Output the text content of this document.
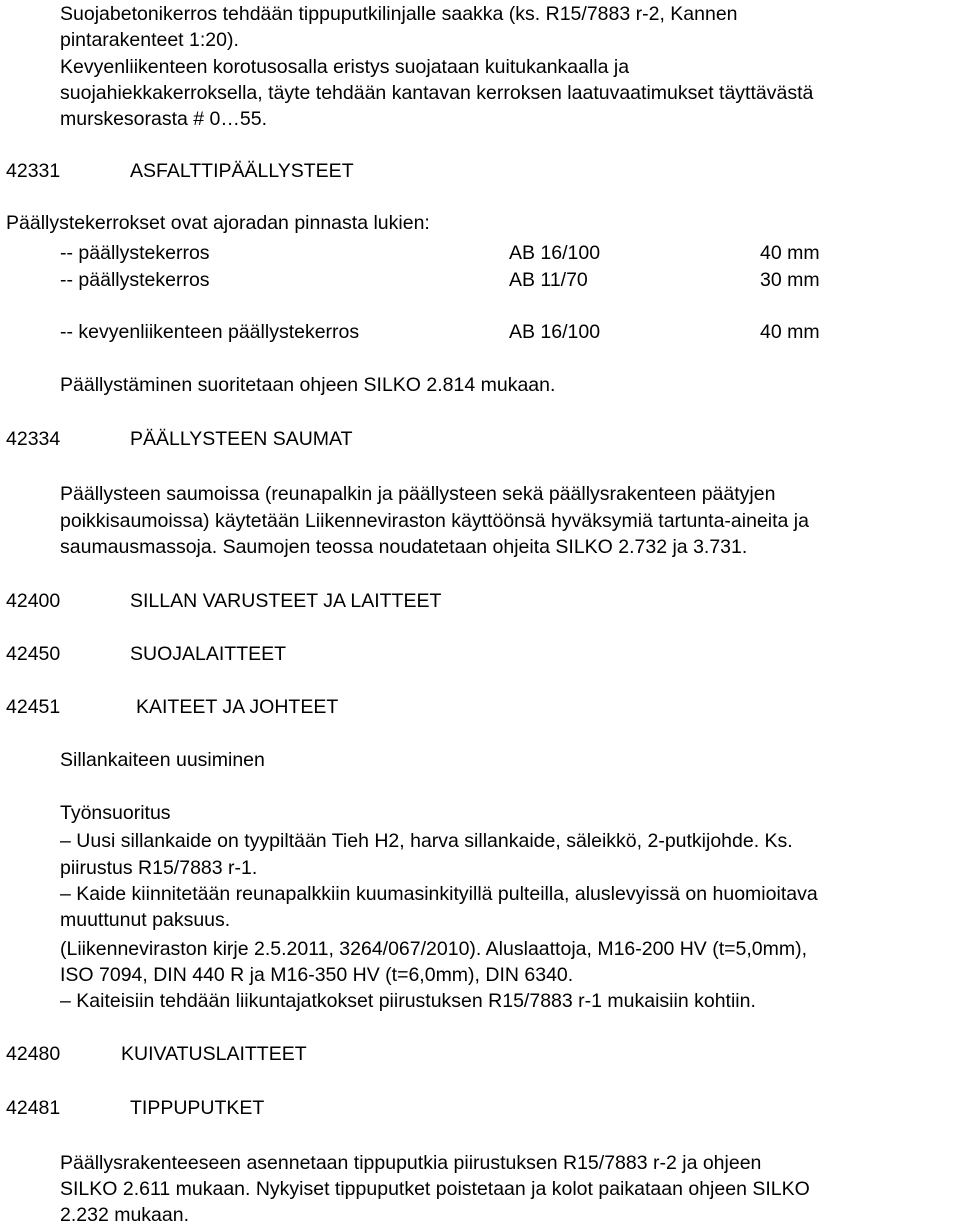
Suojabetonikerros tehdään tippuputkilinjalle saakka (ks. R15/7883 r-2, Kannen
pintarakenteet 1:20).
Kevyenliikenteen korotusosalla eristys suojataan kuitukankaalla ja
suojahiekkakerroksella, täyte tehdään kantavan kerroksen laatuvaatimukset täyttävästä
murskesorasta # 0…55.
42331	ASFALTTIPÄÄLLYSTEET
Päällystekerrokset ovat ajoradan pinnasta lukien:
-- päällystekerros	AB 16/100	40 mm
-- päällystekerros	AB 11/70	30 mm
-- kevyenliikenteen päällystekerros	AB 16/100	40 mm
Päällystäminen suoritetaan ohjeen SILKO 2.814 mukaan.
42334	PÄÄLLYSTEEN SAUMAT
Päällysteen saumoissa (reunapalkin ja päällysteen sekä päällysrakenteen päätyjen
poikkisaumoissa) käytetään Liikenneviraston käyttöönsä hyväksymiä tartunta-aineita ja
saumausmassoja. Saumojen teossa noudatetaan ohjeita SILKO 2.732 ja 3.731.
42400	SILLAN VARUSTEET JA LAITTEET
42450	SUOJALAITTEET
42451	KAITEET JA JOHTEET
Sillankaiteen uusiminen
Työnsuoritus
– Uusi sillankaide on tyypiltään Tieh H2, harva sillankaide, säleikkö, 2-putkijohde. Ks.
piirustus R15/7883 r-1.
– Kaide kiinnitetään reunapalkkiin kuumasinkityillä pulteilla, aluslevyissä on huomioitava
muuttunut paksuus.
(Liikenneviraston kirje 2.5.2011, 3264/067/2010). Aluslaattoja, M16-200 HV (t=5,0mm),
ISO 7094, DIN 440 R ja M16-350 HV (t=6,0mm), DIN 6340.
– Kaiteisiin tehdään liikuntajatkokset piirustuksen R15/7883 r-1 mukaisiin kohtiin.
42480	KUIVATUSLAITTEET
42481	TIPPUPUTKET
Päällysrakenteeseen asennetaan tippuputkia piirustuksen R15/7883 r-2 ja ohjeen
SILKO 2.611 mukaan. Nykyiset tippuputket poistetaan ja kolot paikataan ohjeen SILKO
2.232 mukaan.
